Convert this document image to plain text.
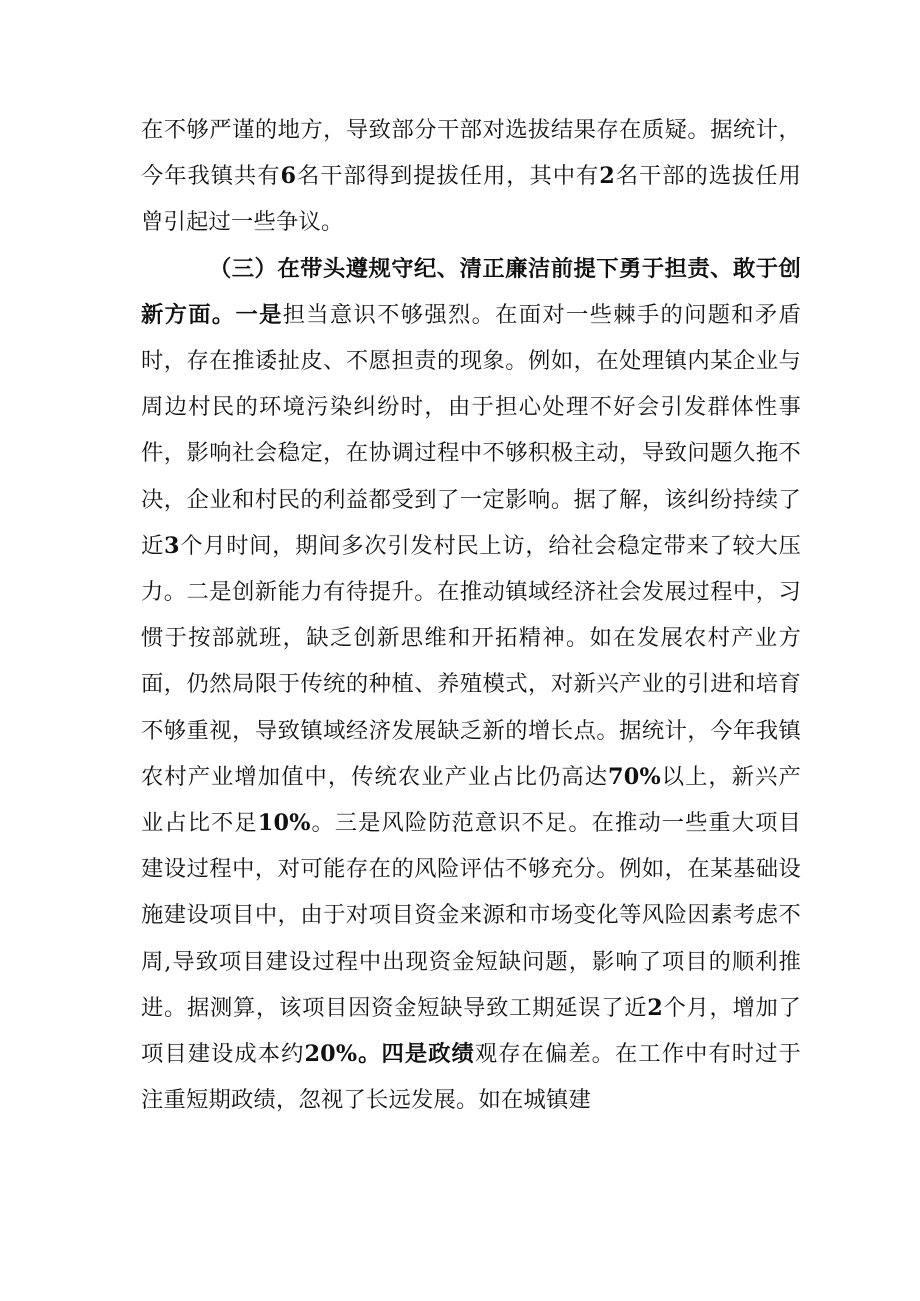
在不够严谨的地方，导致部分干部对选拔结果存在质疑。据统计，今年我镇共有6名干部得到提拔任用，其中有2名干部的选拔任用曾引起过一些争议。

（三）在带头遵规守纪、清正廉洁前提下勇于担责、敢于创新方面。一是担当意识不够强烈。在面对一些棘手的问题和矛盾时，存在推诿扯皮、不愿担责的现象。例如，在处理镇内某企业与周边村民的环境污染纠纷时，由于担心处理不好会引发群体性事件，影响社会稳定，在协调过程中不够积极主动，导致问题久拖不决，企业和村民的利益都受到了一定影响。据了解，该纠纷持续了近3个月时间，期间多次引发村民上访，给社会稳定带来了较大压力。二是创新能力有待提升。在推动镇域经济社会发展过程中，习惯于按部就班，缺乏创新思维和开拓精神。如在发展农村产业方面，仍然局限于传统的种植、养殖模式，对新兴产业的引进和培育不够重视，导致镇域经济发展缺乏新的增长点。据统计，今年我镇农村产业增加值中，传统农业产业占比仍高达70%以上，新兴产业占比不足10%。三是风险防范意识不足。在推动一些重大项目建设过程中，对可能存在的风险评估不够充分。例如，在某基础设施建设项目中，由于对项目资金来源和市场变化等风险因素考虑不周,导致项目建设过程中出现资金短缺问题，影响了项目的顺利推进。据测算，该项目因资金短缺导致工期延误了近2个月，增加了项目建设成本约20%。四是政绩观存在偏差。在工作中有时过于注重短期政绩，忽视了长远发展。如在城镇建
